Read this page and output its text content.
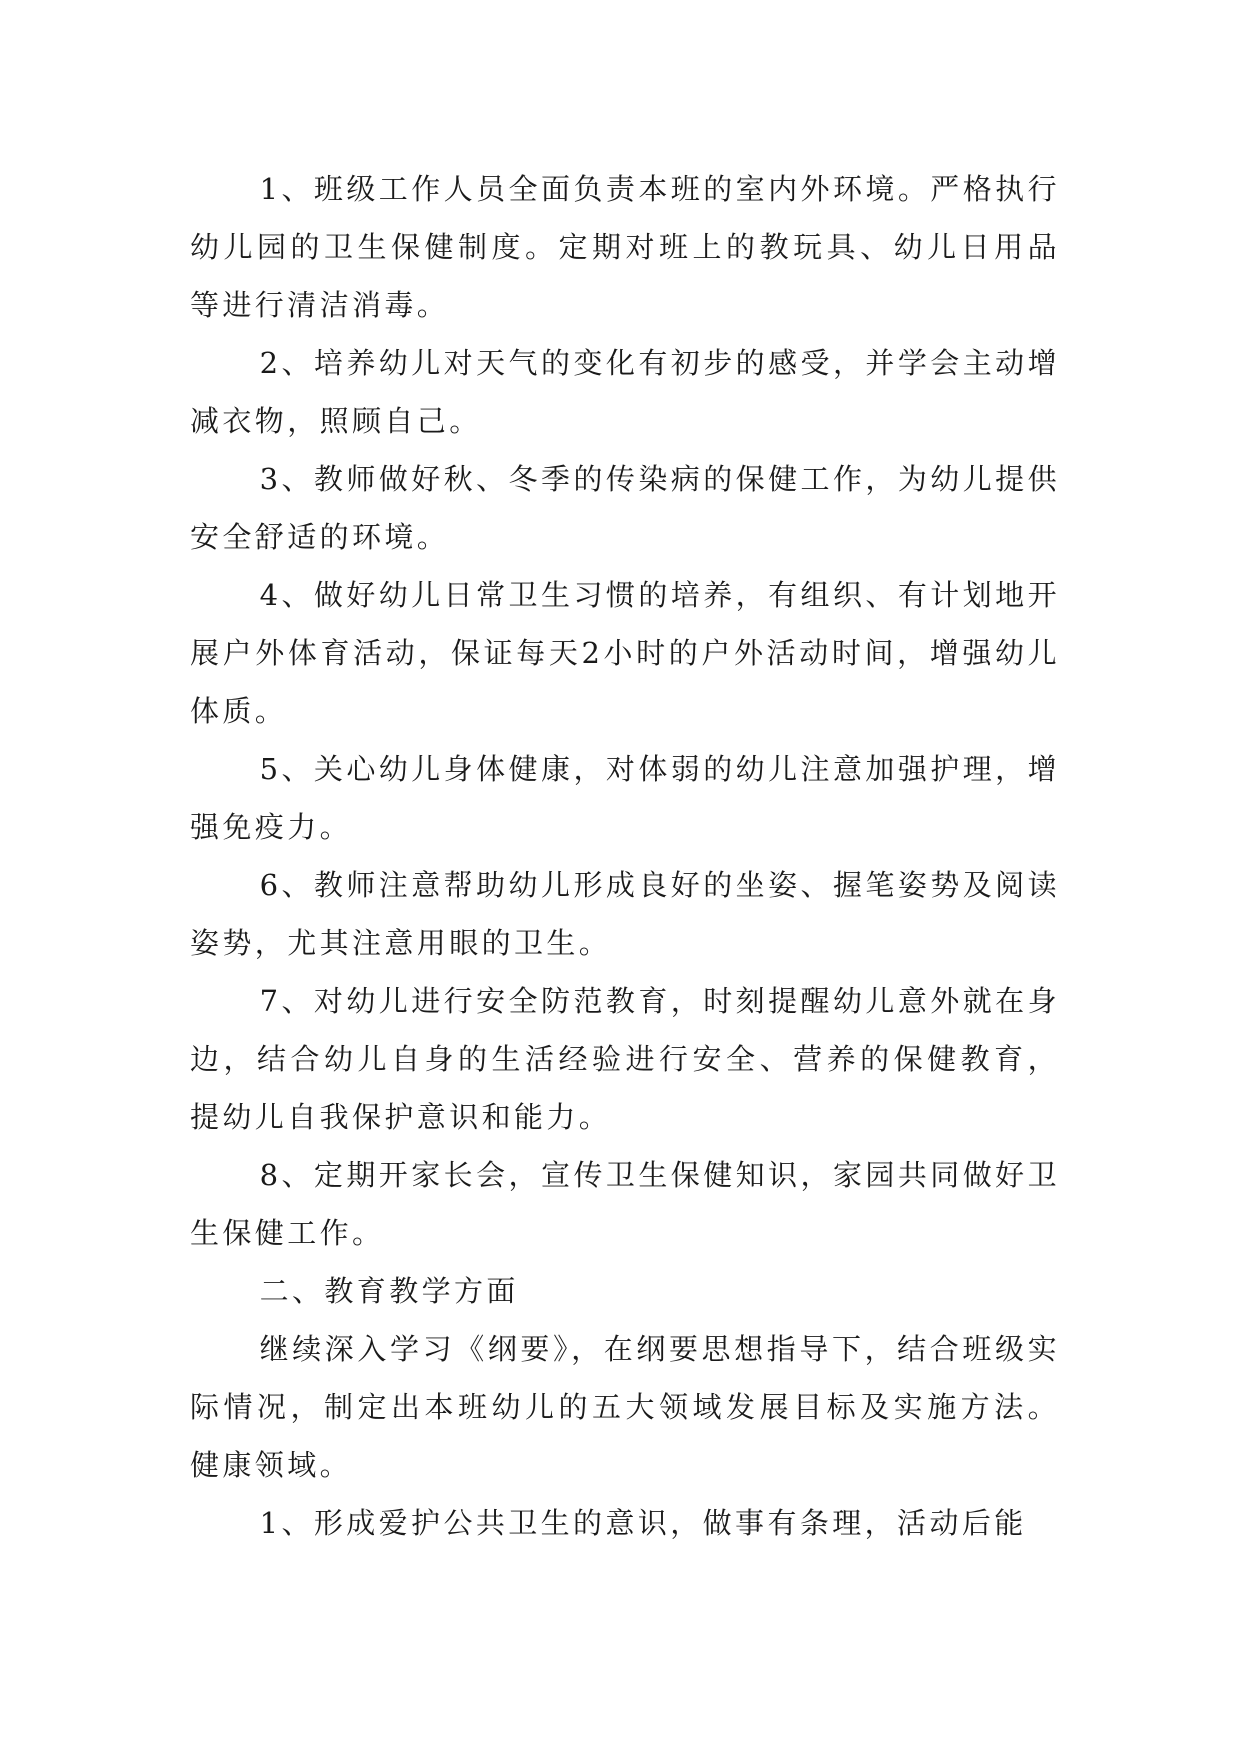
1、班级工作人员全面负责本班的室内外环境。严格执行幼儿园的卫生保健制度。定期对班上的教玩具、幼儿日用品等进行清洁消毒。

2、培养幼儿对天气的变化有初步的感受，并学会主动增减衣物，照顾自己。

3、教师做好秋、冬季的传染病的保健工作，为幼儿提供安全舒适的环境。

4、做好幼儿日常卫生习惯的培养，有组织、有计划地开展户外体育活动，保证每天2小时的户外活动时间，增强幼儿体质。

5、关心幼儿身体健康，对体弱的幼儿注意加强护理，增强免疫力。

6、教师注意帮助幼儿形成良好的坐姿、握笔姿势及阅读姿势，尤其注意用眼的卫生。

7、对幼儿进行安全防范教育，时刻提醒幼儿意外就在身边，结合幼儿自身的生活经验进行安全、营养的保健教育，提幼儿自我保护意识和能力。

8、定期开家长会，宣传卫生保健知识，家园共同做好卫生保健工作。

二、教育教学方面

继续深入学习《纲要》，在纲要思想指导下，结合班级实际情况，制定出本班幼儿的五大领域发展目标及实施方法。健康领域。

1、形成爱护公共卫生的意识，做事有条理，活动后能
